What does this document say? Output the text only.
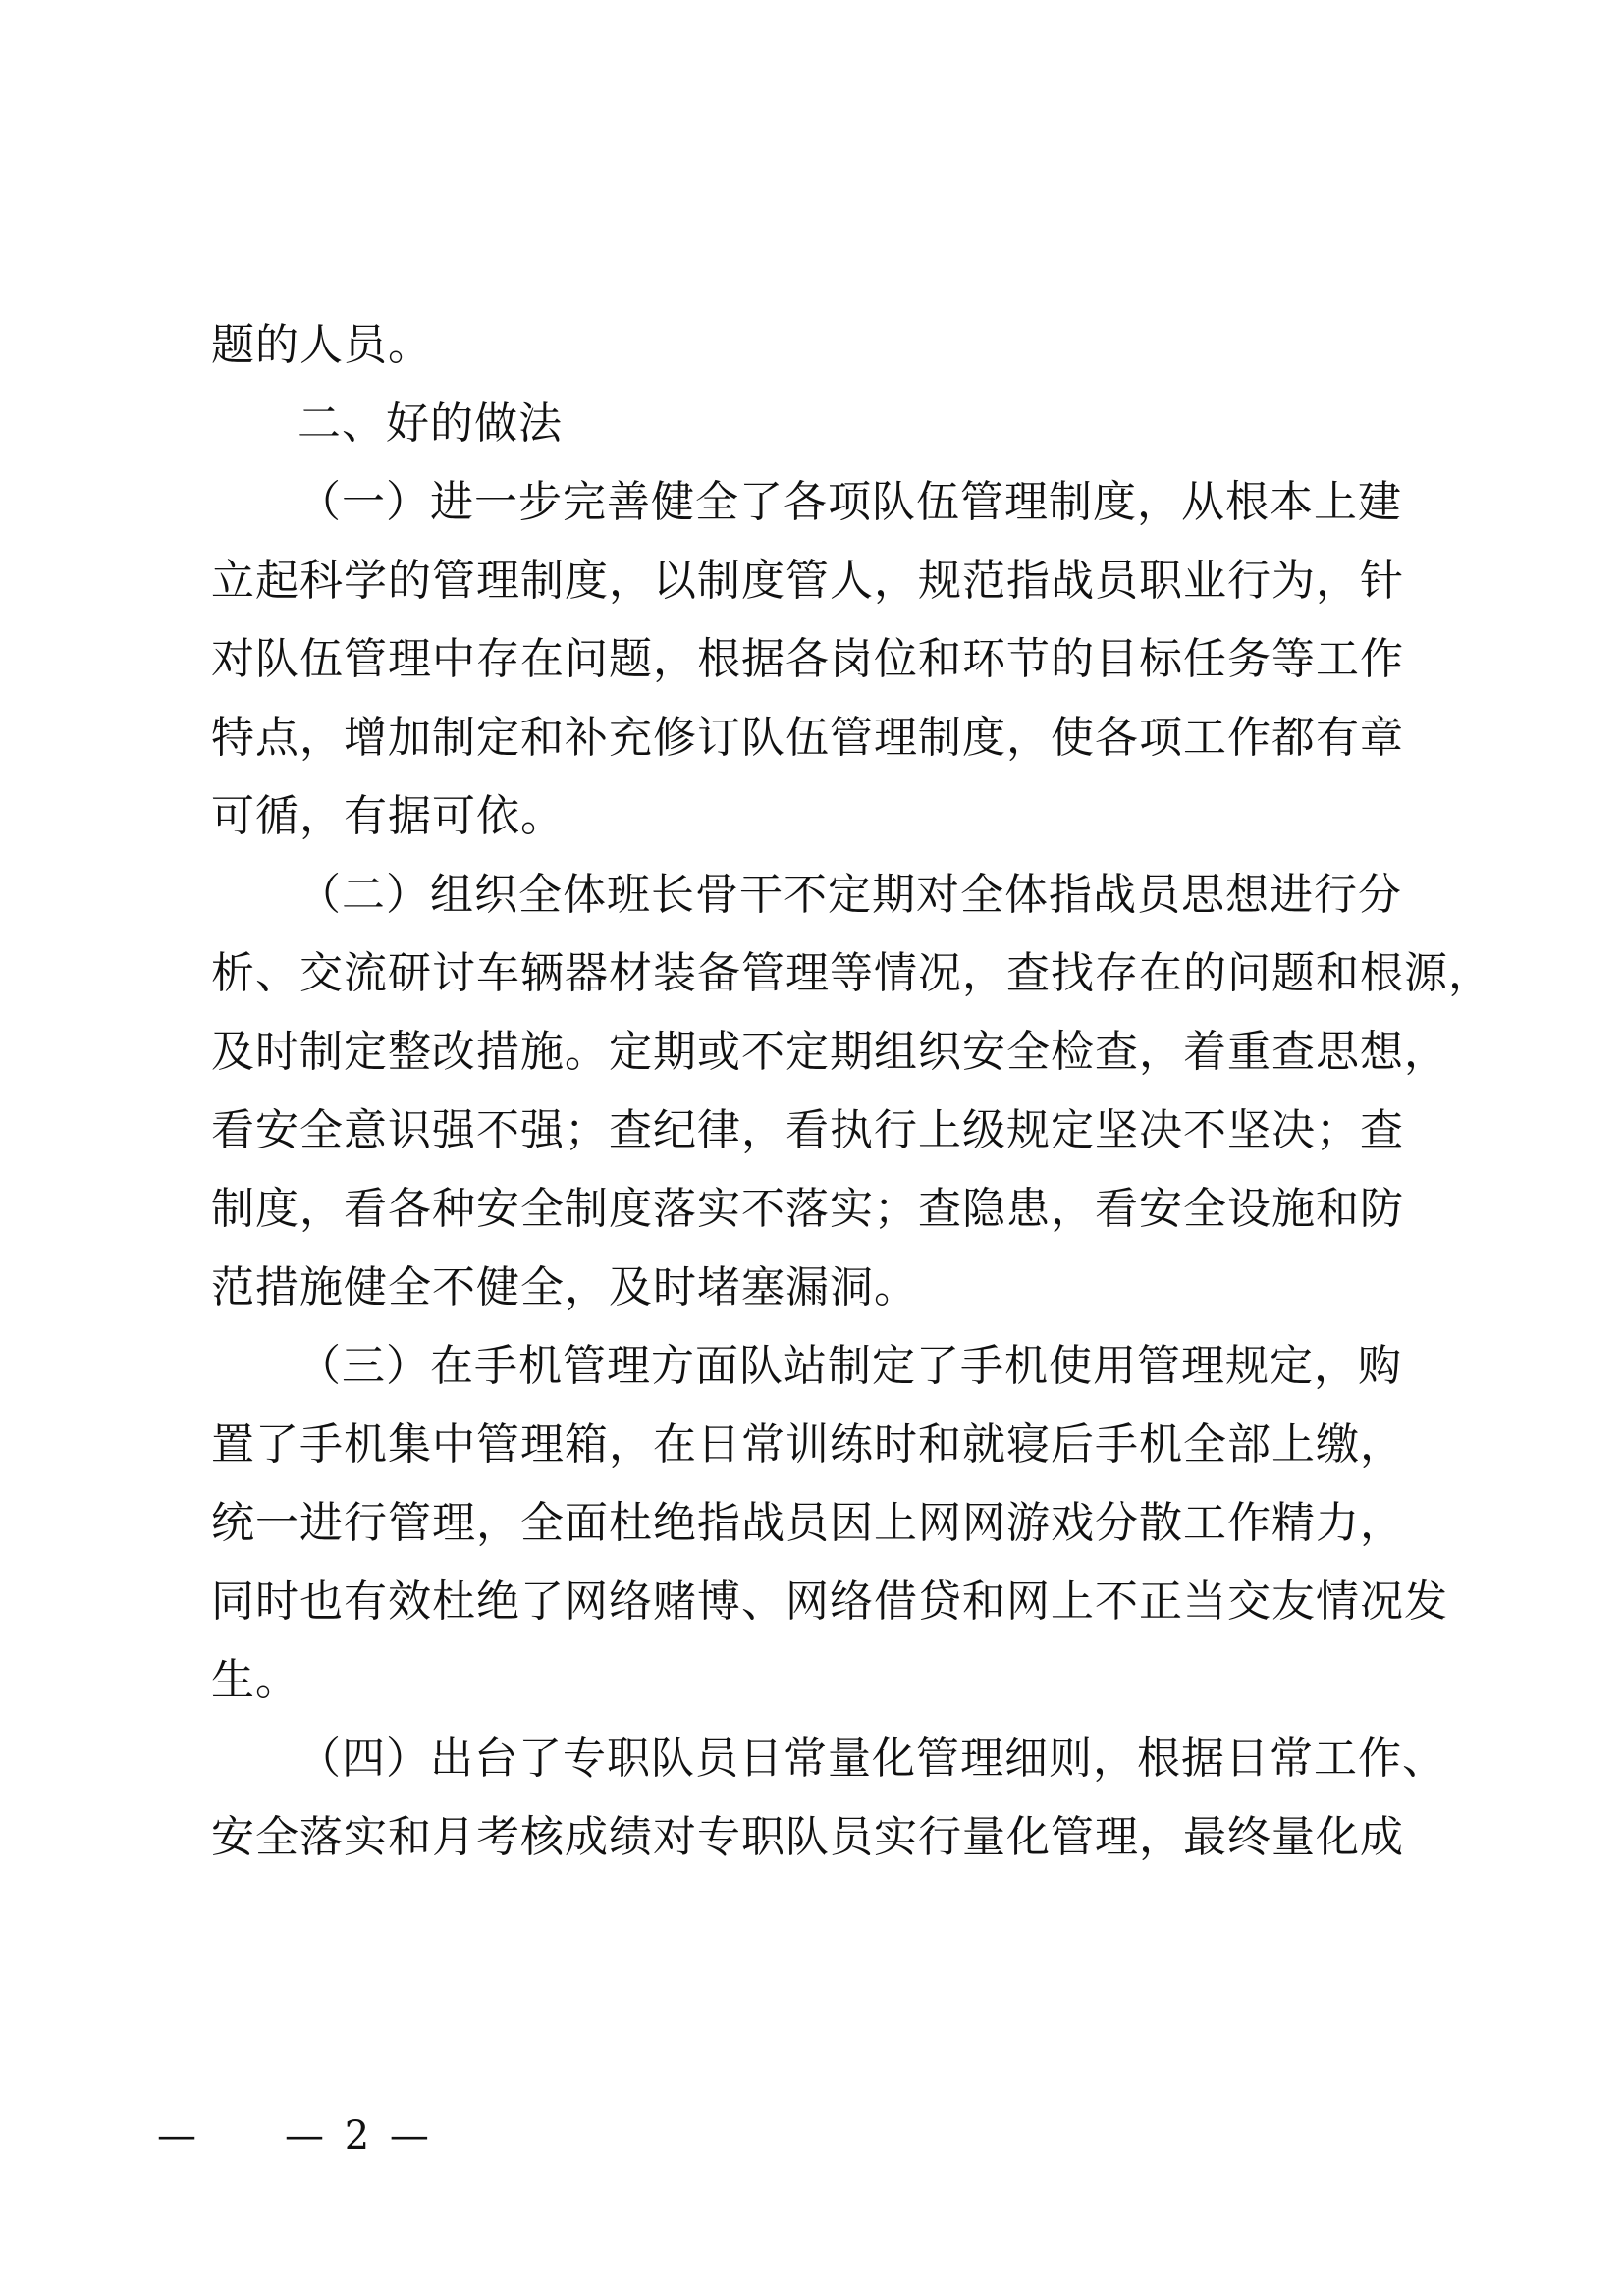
题的人员。
二、好的做法
（一）进一步完善健全了各项队伍管理制度，从根本上建
立起科学的管理制度，以制度管人，规范指战员职业行为，针
对队伍管理中存在问题，根据各岗位和环节的目标任务等工作
特点，增加制定和补充修订队伍管理制度，使各项工作都有章
可循，有据可依。
（二）组织全体班长骨干不定期对全体指战员思想进行分
析、交流研讨车辆器材装备管理等情况，查找存在的问题和根源，
及时制定整改措施。定期或不定期组织安全检查，着重查思想，
看安全意识强不强；查纪律，看执行上级规定坚决不坚决；查
制度，看各种安全制度落实不落实；查隐患，看安全设施和防
范措施健全不健全，及时堵塞漏洞。
（三）在手机管理方面队站制定了手机使用管理规定，购
置了手机集中管理箱，在日常训练时和就寝后手机全部上缴，
统一进行管理，全面杜绝指战员因上网网游戏分散工作精力，
同时也有效杜绝了网络赌博、网络借贷和网上不正当交友情况发
生。
（四）出台了专职队员日常量化管理细则，根据日常工作、
安全落实和月考核成绩对专职队员实行量化管理，最终量化成
— — 2 —
